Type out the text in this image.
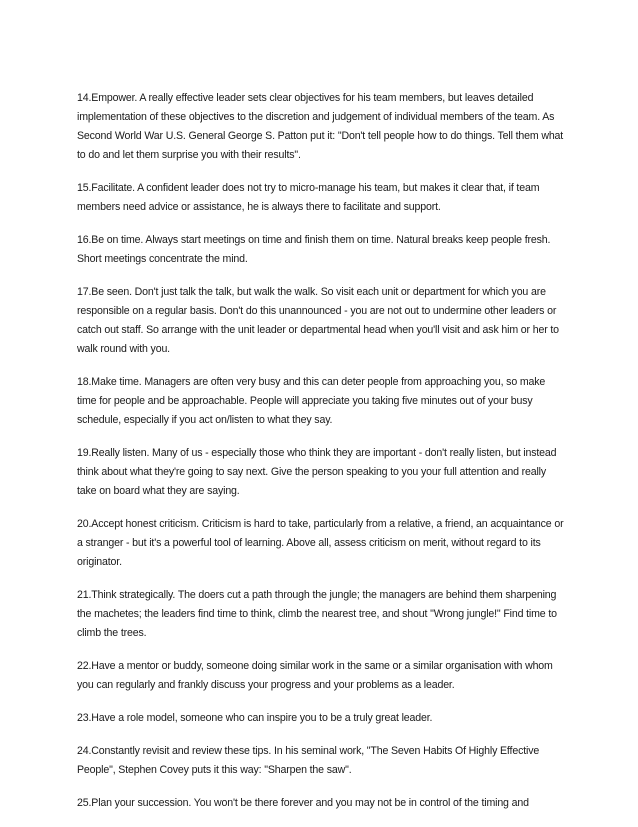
14.Empower. A really effective leader sets clear objectives for his team members, but leaves detailed implementation of these objectives to the discretion and judgement of individual members of the team. As Second World War U.S. General George S. Patton put it: "Don't tell people how to do things. Tell them what to do and let them surprise you with their results".

15.Facilitate. A confident leader does not try to micro-manage his team, but makes it clear that, if team members need advice or assistance, he is always there to facilitate and support.

16.Be on time. Always start meetings on time and finish them on time. Natural breaks keep people fresh. Short meetings concentrate the mind.

17.Be seen. Don't just talk the talk, but walk the walk. So visit each unit or department for which you are responsible on a regular basis. Don't do this unannounced - you are not out to undermine other leaders or catch out staff. So arrange with the unit leader or departmental head when you'll visit and ask him or her to walk round with you.

18.Make time. Managers are often very busy and this can deter people from approaching you, so make time for people and be approachable. People will appreciate you taking five minutes out of your busy schedule, especially if you act on/listen to what they say.

19.Really listen. Many of us - especially those who think they are important - don't really listen, but instead think about what they're going to say next. Give the person speaking to you your full attention and really take on board what they are saying.

20.Accept honest criticism. Criticism is hard to take, particularly from a relative, a friend, an acquaintance or a stranger - but it's a powerful tool of learning. Above all, assess criticism on merit, without regard to its originator.

21.Think strategically. The doers cut a path through the jungle; the managers are behind them sharpening the machetes; the leaders find time to think, climb the nearest tree, and shout "Wrong jungle!" Find time to climb the trees.

22.Have a mentor or buddy, someone doing similar work in the same or a similar organisation with whom you can regularly and frankly discuss your progress and your problems as a leader.

23.Have a role model, someone who can inspire you to be a truly great leader.

24.Constantly revisit and review these tips. In his seminal work, "The Seven Habits Of Highly Effective People", Stephen Covey puts it this way: "Sharpen the saw".

25.Plan your succession. You won't be there forever and you may not be in control of the timing and
